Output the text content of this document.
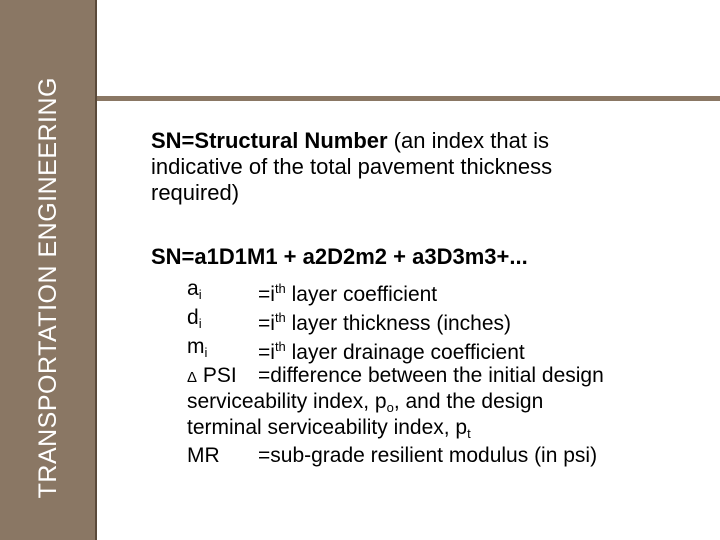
TRANSPORTATION ENGINEERING	SN=Structural Number (an index that is
indicative of the total pavement thickness
required)

SN=a1D1M1 + a2D2m2 + a3D3m3+...
$a_i$	$=i^{th}$ layer coefficient
$d_i$	$=i^{th}$ layer thickness (inches)
$m_i =i^{th}$ layer drainage coefficient
Δ PSI =difference between the initial design
serviceability index, $p_o$, and the design
terminal serviceability index, $p_t$
MR =sub-grade resilient modulus (in psi)
